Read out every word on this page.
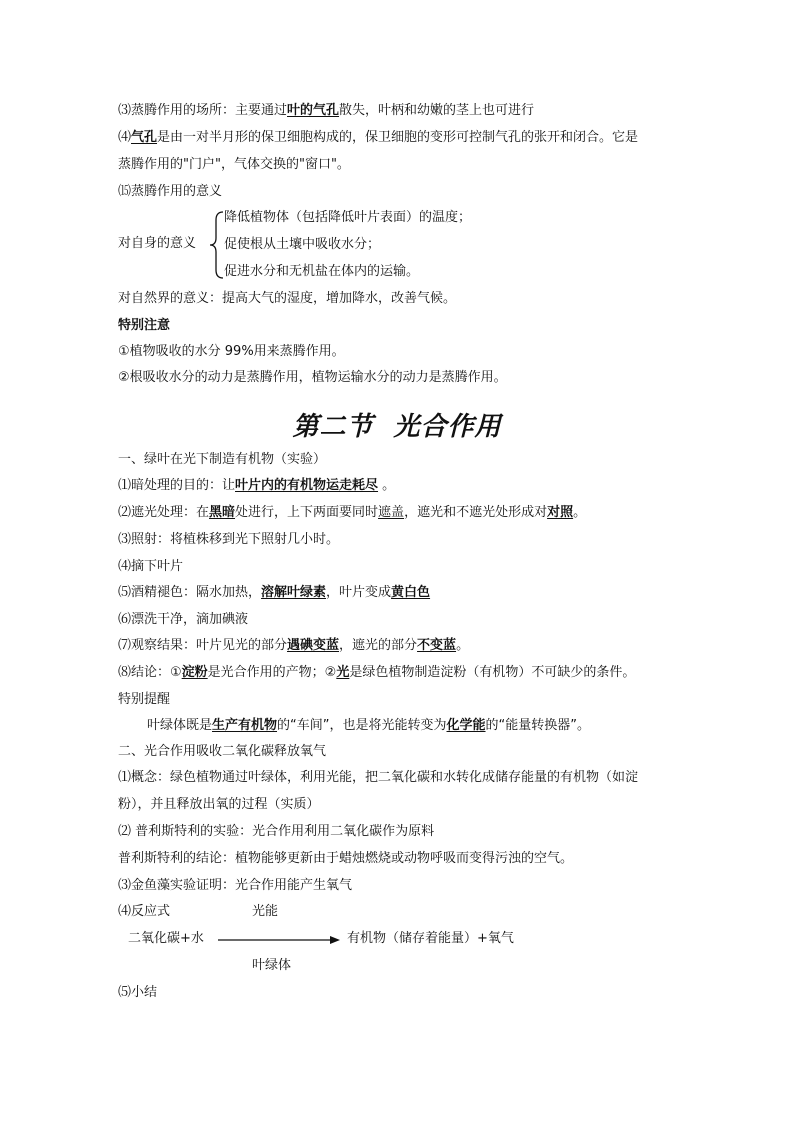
⑶蒸腾作用的场所：主要通过叶的气孔散失，叶柄和幼嫩的茎上也可进行
⑷气孔是由一对半月形的保卫细胞构成的，保卫细胞的变形可控制气孔的张开和闭合。它是
蒸腾作用的"门户"，气体交换的"窗口"。
⒂蒸腾作用的意义
对自身的意义
降低植物体（包括降低叶片表面）的温度；
促使根从土壤中吸收水分；
促进水分和无机盐在体内的运输。
对自然界的意义：提高大气的湿度，增加降水，改善气候。
特别注意
①植物吸收的水分 99%用来蒸腾作用。
②根吸收水分的动力是蒸腾作用，植物运输水分的动力是蒸腾作用。
第二节 光合作用
一、绿叶在光下制造有机物（实验）
⑴暗处理的目的：让叶片内的有机物运走耗尽 。
⑵遮光处理：在黑暗处进行，上下两面要同时遮盖，遮光和不遮光处形成对对照。
⑶照射：将植株移到光下照射几小时。
⑷摘下叶片
⑸酒精褪色：隔水加热，溶解叶绿素，叶片变成黄白色
⑹漂洗干净，滴加碘液
⑺观察结果：叶片见光的部分遇碘变蓝，遮光的部分不变蓝。
⑻结论：①淀粉是光合作用的产物；②光是绿色植物制造淀粉（有机物）不可缺少的条件。
特别提醒
叶绿体既是生产有机物的“车间”，也是将光能转变为化学能的“能量转换器”。
二、光合作用吸收二氧化碳释放氧气
⑴概念：绿色植物通过叶绿体，利用光能，把二氧化碳和水转化成储存能量的有机物（如淀
粉），并且释放出氧的过程（实质）
⑵ 普利斯特利的实验：光合作用利用二氧化碳作为原料
普利斯特利的结论：植物能够更新由于蜡烛燃烧或动物呼吸而变得污浊的空气。
⑶金鱼藻实验证明：光合作用能产生氧气
⑷反应式	光能
二氧化碳+水	有机物（储存着能量）+氧气
叶绿体
⑸小结
